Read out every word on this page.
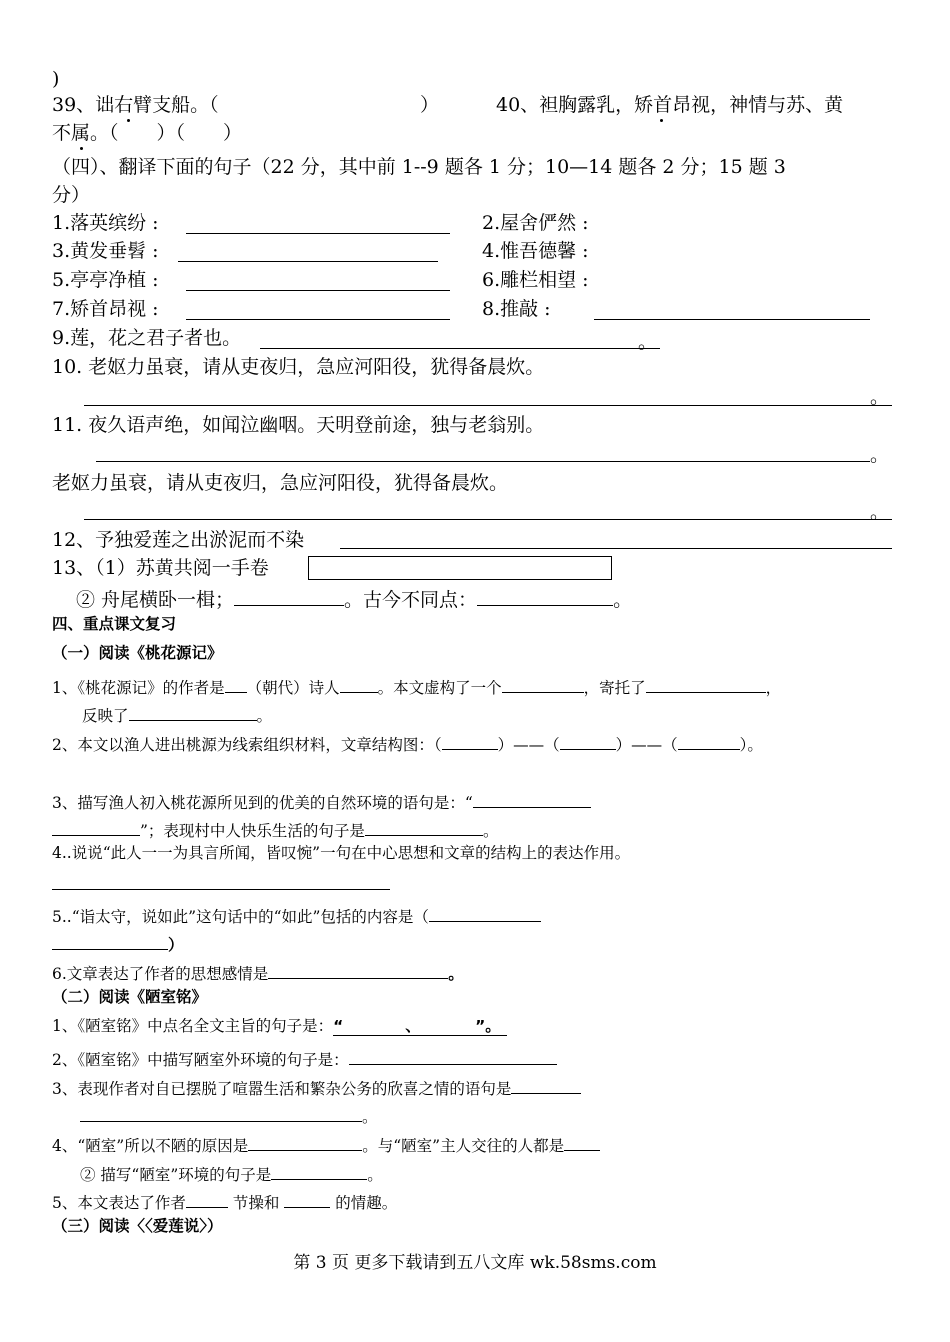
)
39、诎右臂支船。（	）	40、袒胸露乳，矫首昂视，神情与苏、黄
不属。（　　）（　　）
（四）、翻译下面的句子（22 分，其中前 1--9 题各 1 分；10—14 题各 2 分；15 题 3
分）
1.落英缤纷 :	2.屋舍俨然 :
3.黄发垂髫 :	4.惟吾德馨 :
5.亭亭净植 :	6.雕栏相望 :
7.矫首昂视 :	8.推敲 :
9.莲，花之君子者也。	。
10. 老妪力虽衰，请从吏夜归，急应河阳役，犹得备晨炊。
。
11. 夜久语声绝，如闻泣幽咽。天明登前途，独与老翁别。
。
老妪力虽衰，请从吏夜归，急应河阳役，犹得备晨炊。
。
12、予独爱莲之出淤泥而不染
13、（1）苏黄共阅一手卷
② 舟尾横卧一楫；	。古今不同点：	。
四、重点课文复习
（一）阅读《桃花源记》
1、《桃花源记》的作者是 （朝代）诗人 。本文虚构了一个	，寄托了	，
反映了	。
2、本文以渔人进出桃源为线索组织材料，文章结构图：（	）——（	）——（	）。
3、描写渔人初入桃花源所见到的优美的自然环境的语句是：“
”；表现村中人快乐生活的句子是	。
4..说说“此人一一为具言所闻，皆叹惋”一句在中心思想和文章的结构上的表达作用。
5..“诣太守，说如此”这句话中的“如此”包括的内容是（
）
6.文章表达了作者的思想感情是	。
（二）阅读《陋室铭》
1、《陋室铭》中点名全文主旨的句子是：“　　　　、　　　　”。
2、《陋室铭》中描写陋室外环境的句子是：
3、表现作者对自已摆脱了喧嚣生活和繁杂公务的欣喜之情的语句是
。
4、“陋室”所以不陋的原因是	。与“陋室”主人交往的人都是
② 描写“陋室”环境的句子是	。
5、本文表达了作者	节操和	的情趣。
（三）阅读〈〈爱莲说〉）
第 3 页 更多下载请到五八文库 wk.58sms.com
